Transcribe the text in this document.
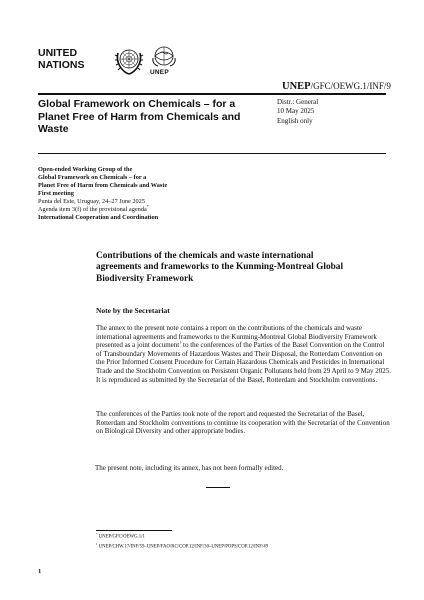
UNITED
NATIONS
UNEP
UNEP/GFC/OEWG.1/INF/9
Global Framework on Chemicals – for a Planet Free of Harm from Chemicals and Waste
Distr.: General
10 May 2025
English only
Open-ended Working Group of the
Global Framework on Chemicals – for a
Planet Free of Harm from Chemicals and Waste
First meeting
Punta del Este, Uruguay, 24–27 June 2025
Agenda item 3(f) of the provisional agenda*
International Cooperation and Coordination
Contributions of the chemicals and waste international agreements and frameworks to the Kunming-Montreal Global Biodiversity Framework
Note by the Secretariat
The annex to the present note contains a report on the contributions of the chemicals and waste international agreements and frameworks to the Kunming-Montreal Global Biodiversity Framework presented as a joint document$^1$ to the conferences of the Parties of the Basel Convention on the Control of Transboundary Movements of Hazardous Wastes and Their Disposal, the Rotterdam Convention on the Prior Informed Consent Procedure for Certain Hazardous Chemicals and Pesticides in International Trade and the Stockholm Convention on Persistent Organic Pollutants held from 29 April to 9 May 2025. It is reproduced as submitted by the Secretariat of the Basel, Rotterdam and Stockholm conventions.
The conferences of the Parties took note of the report and requested the Secretariat of the Basel, Rotterdam and Stockholm conventions to continue its cooperation with the Secretariat of the Convention on Biological Diversity and other appropriate bodies.
The present note, including its annex, has not been formally edited.
* UNEP/GFC/OEWG.1/1
$^1$ UNEP/CHW.17/INF/59–UNEP/FAO/RC/COP.12/INF/30–UNEP/POPS/COP.12/INF/49
1
